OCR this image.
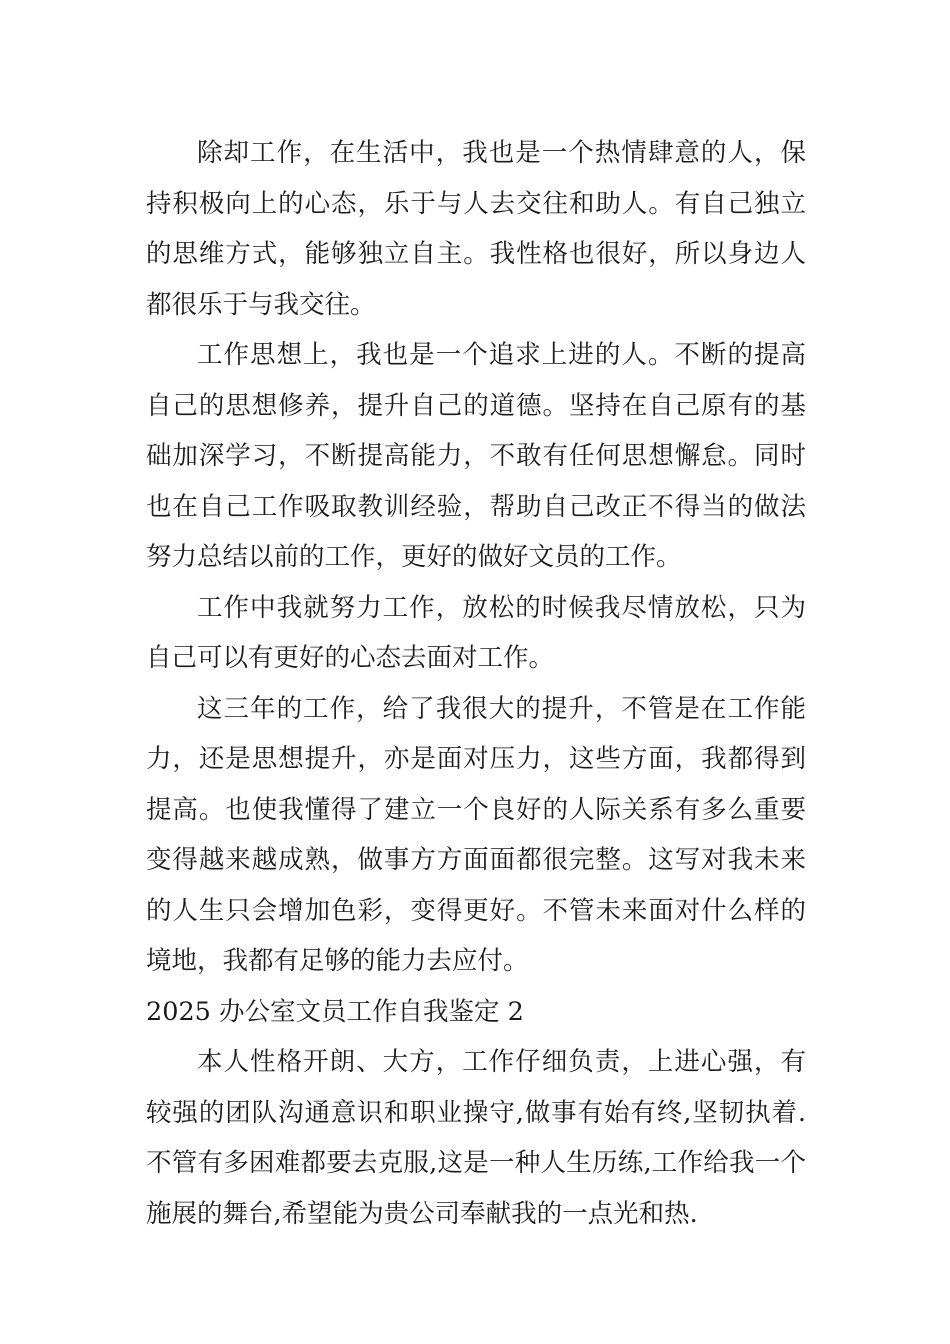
除却工作，在生活中，我也是一个热情肆意的人，保持积极向上的心态，乐于与人去交往和助人。有自己独立的思维方式，能够独立自主。我性格也很好，所以身边人都很乐于与我交往。

工作思想上，我也是一个追求上进的人。不断的提高自己的思想修养，提升自己的道德。坚持在自己原有的基础加深学习，不断提高能力，不敢有任何思想懈怠。同时也在自己工作吸取教训经验，帮助自己改正不得当的做法努力总结以前的工作，更好的做好文员的工作。

工作中我就努力工作，放松的时候我尽情放松，只为自己可以有更好的心态去面对工作。

这三年的工作，给了我很大的提升，不管是在工作能力，还是思想提升，亦是面对压力，这些方面，我都得到提高。也使我懂得了建立一个良好的人际关系有多么重要变得越来越成熟，做事方方面面都很完整。这写对我未来的人生只会增加色彩，变得更好。不管未来面对什么样的境地，我都有足够的能力去应付。

2025 办公室文员工作自我鉴定 2

本人性格开朗、大方，工作仔细负责，上进心强，有较强的团队沟通意识和职业操守,做事有始有终,坚韧执着.不管有多困难都要去克服,这是一种人生历练,工作给我一个施展的舞台,希望能为贵公司奉献我的一点光和热.
